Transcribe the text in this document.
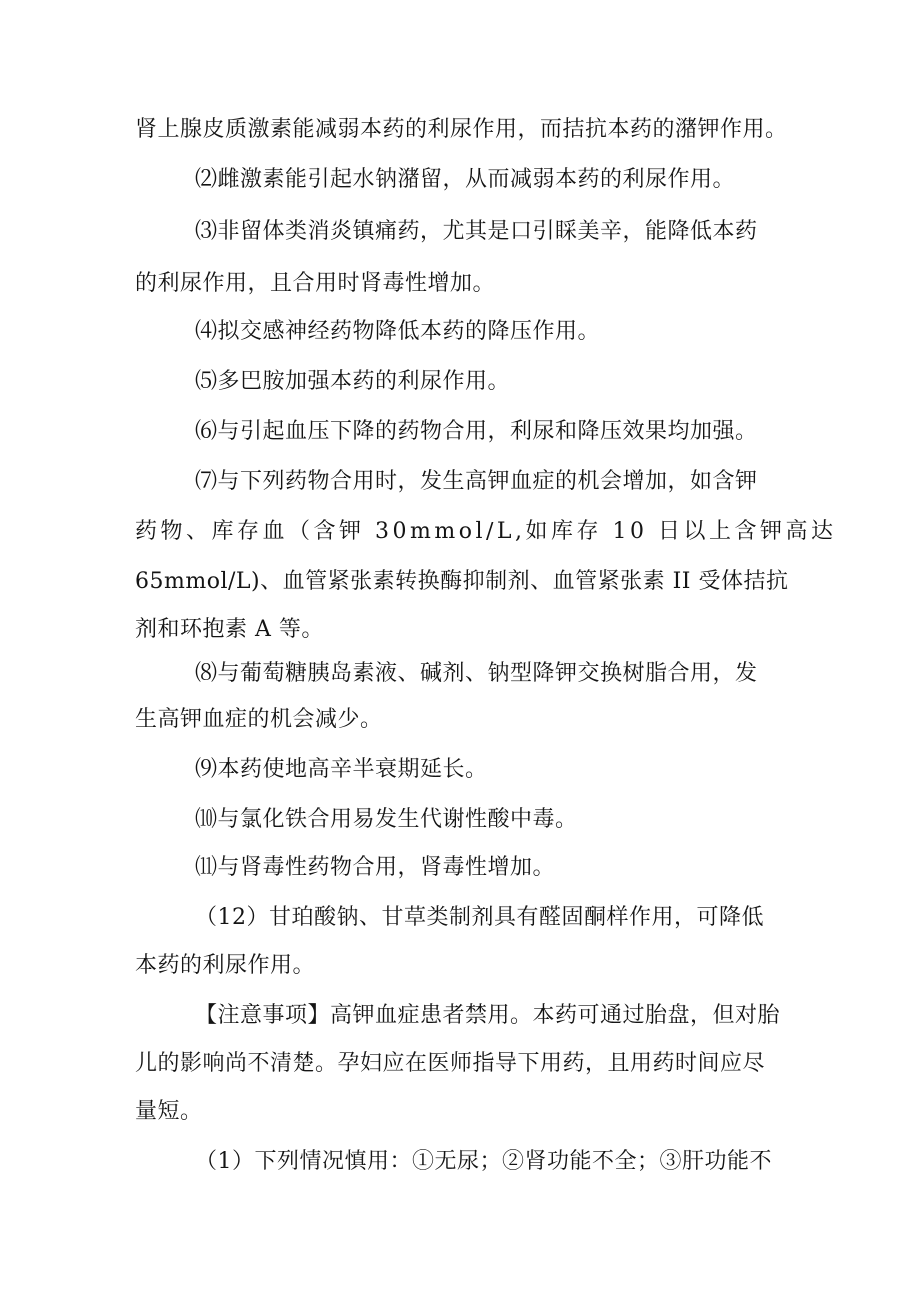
肾上腺皮质激素能减弱本药的利尿作用，而拮抗本药的潴钾作用。
⑵雌激素能引起水钠潴留，从而减弱本药的利尿作用。
⑶非留体类消炎镇痛药，尤其是口引睬美辛，能降低本药
的利尿作用，且合用时肾毒性增加。
⑷拟交感神经药物降低本药的降压作用。
⑸多巴胺加强本药的利尿作用。
⑹与引起血压下降的药物合用，利尿和降压效果均加强。
⑺与下列药物合用时，发生高钾血症的机会增加，如含钾
药物、库存血（含钾 30mmol∕L,如库存 10 日以上含钾高达
65mmol/L)、血管紧张素转换酶抑制剂、血管紧张素 II 受体拮抗
剂和环抱素 A 等。
⑻与葡萄糖胰岛素液、碱剂、钠型降钾交换树脂合用，发
生高钾血症的机会减少。
⑼本药使地高辛半衰期延长。
⑽与氯化铁合用易发生代谢性酸中毒。
⑾与肾毒性药物合用，肾毒性增加。
（12）甘珀酸钠、甘草类制剂具有醛固酮样作用，可降低
本药的利尿作用。
【注意事项】高钾血症患者禁用。本药可通过胎盘，但对胎
儿的影响尚不清楚。孕妇应在医师指导下用药，且用药时间应尽
量短。
（1）下列情况慎用：①无尿；②肾功能不全；③肝功能不
